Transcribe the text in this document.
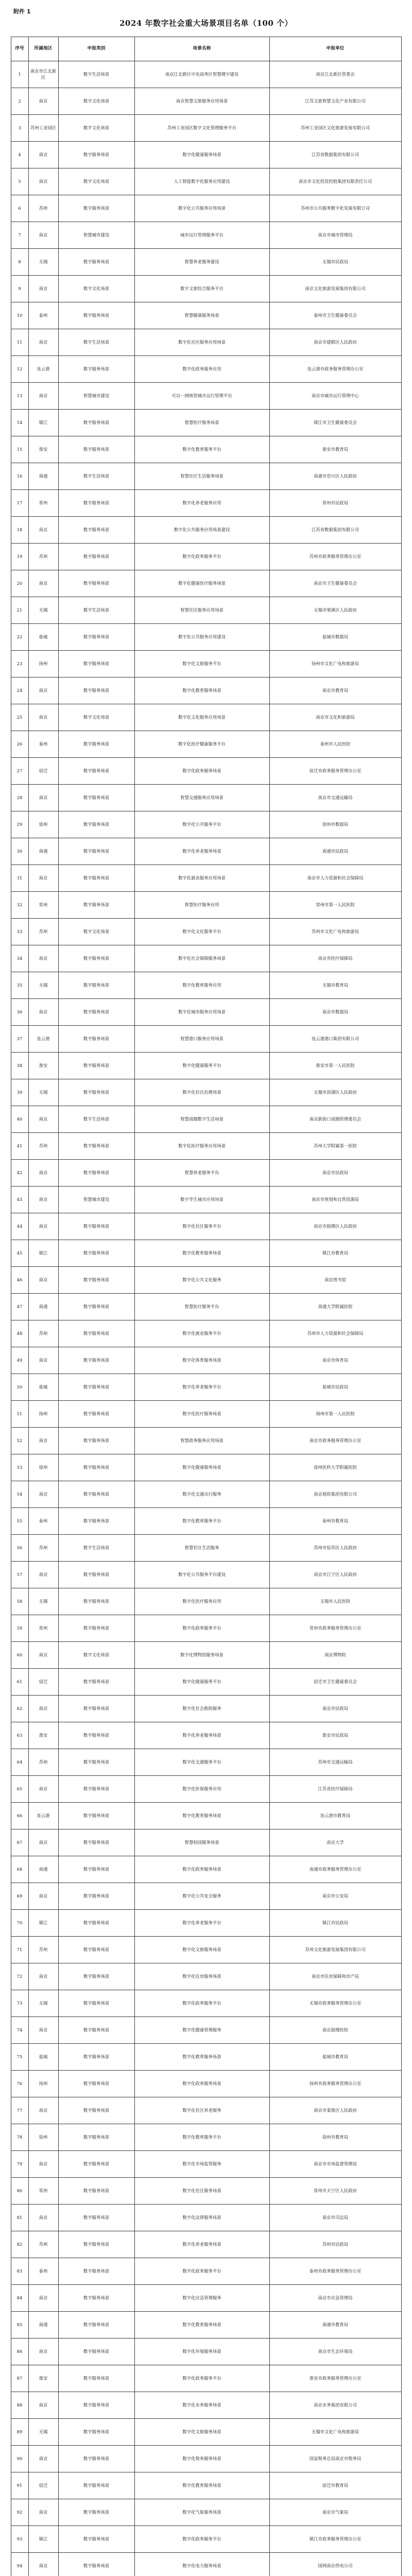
附件 1
2024 年数字社会重大场景项目名单（100 个）
序号	所属地区	申报类别	场景名称	申报单位
1	南京市江北新区	数字生活场景	南京江北新区中央商务区智慧楼宇建设	南京江北新区管委会
2	南京	数字文化场景	南京智慧文旅服务应用场景	江苏文旅智慧文化产业有限公司
3	苏州工业园区	数字文化场景	苏州工业园区数字文化管理服务平台	苏州工业园区文化旅游发展有限公司
4	南京	数字服务场景	数字化健康服务场景	江苏省数据集团有限公司
5	南京	数字文化场景	人工智能数字化服务应用建设	南京市文化投资控股集团有限责任公司
6	苏州	数字服务场景	数字化公共服务应用场景	苏州市公共服务数字化发展有限公司
7	南京	智慧城市建设	城市运行管理服务平台	南京市城市管理局
8	无锡	数字服务场景	智慧养老服务建设	无锡市民政局
9	南京	数字文化场景	数字文旅综合服务平台	南京文化旅游发展集团有限公司
10	泰州	数字服务场景	智慧健康服务场景	泰州市卫生健康委员会
11	南京	数字生活场景	数字化社区服务应用场景	南京市建邺区人民政府
12	连云港	数字服务场景	数字化政务服务应用	连云港市政务服务管理办公室
13	南京	智慧城市建设	可以一网统管城市运行管理平台	南京市城市运行管理中心
14	镇江	数字服务场景	智慧医疗服务场景	镇江市卫生健康委员会
15	淮安	数字服务场景	数字化教育服务平台	淮安市教育局
16	南通	数字生活场景	智慧社区生活服务场景	南通市崇川区人民政府
17	常州	数字服务场景	数字化养老服务应用	常州市民政局
18	南京	数字服务场景	数字化公共服务应用场景建设	江苏省数据集团有限公司
19	苏州	数字服务场景	数字化政务服务平台	苏州市政务服务管理办公室
20	南京	数字服务场景	数字化健康医疗服务场景	南京市卫生健康委员会
21	无锡	数字生活场景	智慧社区服务应用场景	无锡市梁溪区人民政府
22	盐城	数字服务场景	数字化公共服务应用建设	盐城市数据局
23	扬州	数字服务场景	数字化文旅服务平台	扬州市文化广电和旅游局
24	南京	数字服务场景	数字化教育服务场景	南京市教育局
25	南京	数字文化场景	数字化文化服务应用场景	南京市文化和旅游局
26	泰州	数字服务场景	数字化医疗健康服务平台	泰州市人民医院
27	宿迁	数字服务场景	数字化政务服务场景	宿迁市政务服务管理办公室
28	南京	数字服务场景	智慧交通服务应用场景	南京市交通运输局
29	徐州	数字服务场景	数字化公共服务平台	徐州市数据局
30	南通	数字服务场景	数字化养老服务场景	南通市民政局
31	南京	数字服务场景	数字化就业服务应用场景	南京市人力资源和社会保障局
32	常州	数字服务场景	智慧医疗服务应用	常州市第一人民医院
33	苏州	数字文化场景	数字化文化服务平台	苏州市文化广电和旅游局
34	南京	数字服务场景	数字化社会保障服务场景	南京市医疗保障局
35	无锡	数字服务场景	数字化教育服务应用	无锡市教育局
36	南京	数字服务场景	数字化城市服务应用场景	南京市数据局
37	连云港	数字服务场景	智慧港口服务应用场景	连云港港口集团有限公司
38	淮安	数字服务场景	数字化健康服务平台	淮安市第一人民医院
39	无锡	数字服务场景	数字化社区治理场景	无锡市滨湖区人民政府
40	南京	数字生活场景	智慧商圈数字生活场景	南京新街口商圈管理委员会
41	苏州	数字服务场景	数字化医疗服务应用场景	苏州大学附属第一医院
42	南京	数字服务场景	智慧养老服务平台	南京市民政局
43	南京	智慧城市建设	数字孪生城市应用场景	南京市规划和自然资源局
44	南京	数字服务场景	数字化社区服务平台	南京市鼓楼区人民政府
45	镇江	数字服务场景	数字化教育服务场景	镇江市教育局
46	南京	数字服务场景	数字化公共文化服务	南京图书馆
47	南通	数字服务场景	智慧医疗服务平台	南通大学附属医院
48	苏州	数字服务场景	数字化就业服务平台	苏州市人力资源和社会保障局
49	南京	数字服务场景	数字化体育服务场景	南京市体育局
50	盐城	数字服务场景	数字化养老服务平台	盐城市民政局
51	扬州	数字服务场景	数字化医疗服务场景	扬州市第一人民医院
52	南京	数字服务场景	智慧政务服务应用场景	南京市政务服务管理办公室
53	徐州	数字服务场景	数字化健康服务场景	徐州医科大学附属医院
54	南京	数字服务场景	数字化交通出行服务	南京地铁集团有限公司
55	泰州	数字服务场景	数字化教育服务平台	泰州市教育局
56	苏州	数字生活场景	智慧社区生活服务	苏州市姑苏区人民政府
57	南京	数字服务场景	数字化公共服务平台建设	南京市江宁区人民政府
58	无锡	数字服务场景	数字化医疗服务应用	无锡市人民医院
59	常州	数字服务场景	数字化政务服务平台	常州市政务服务管理办公室
60	南京	数字文化场景	数字化博物馆服务场景	南京博物院
61	宿迁	数字服务场景	数字化健康服务平台	宿迁市卫生健康委员会
62	南京	数字服务场景	数字化社会救助服务	南京市民政局
63	淮安	数字服务场景	数字化养老服务场景	淮安市民政局
64	苏州	数字服务场景	数字化交通服务平台	苏州市交通运输局
65	南京	数字服务场景	数字化医保服务应用	江苏省医疗保障局
66	连云港	数字服务场景	数字化教育服务场景	连云港市教育局
67	南京	数字服务场景	智慧校园服务场景	南京大学
68	南通	数字服务场景	数字化政务服务场景	南通市政务服务管理办公室
69	南京	数字服务场景	数字化公共安全服务	南京市公安局
70	镇江	数字服务场景	数字化养老服务平台	镇江市民政局
71	苏州	数字服务场景	数字化文旅服务场景	苏州文化旅游发展集团有限公司
72	南京	数字服务场景	数字化住房服务场景	南京市住房保障和房产局
73	无锡	数字服务场景	数字化政务服务平台	无锡市政务服务管理办公室
74	南京	数字服务场景	数字化健康管理服务	南京鼓楼医院
75	盐城	数字服务场景	数字化教育服务场景	盐城市教育局
76	扬州	数字服务场景	数字化政务服务场景	扬州市政务服务管理办公室
77	南京	数字服务场景	数字化社区养老服务	南京市秦淮区人民政府
78	徐州	数字服务场景	数字化教育服务平台	徐州市教育局
79	南京	数字服务场景	数字化市场监管服务	南京市市场监督管理局
80	常州	数字服务场景	数字化社区服务场景	常州市天宁区人民政府
81	南京	数字服务场景	数字化法律服务场景	南京市司法局
82	苏州	数字服务场景	数字化养老服务场景	苏州市民政局
83	泰州	数字服务场景	数字化政务服务平台	泰州市政务服务管理办公室
84	南京	数字服务场景	数字化应急管理服务	南京市应急管理局
85	南通	数字服务场景	数字化教育服务场景	南通市教育局
86	南京	数字服务场景	数字化环境服务场景	南京市生态环境局
87	淮安	数字服务场景	数字化政务服务平台	淮安市政务服务管理办公室
88	南京	数字服务场景	数字化水务服务场景	南京水务集团有限公司
89	无锡	数字服务场景	数字化文旅服务场景	无锡市文化广电和旅游局
90	南京	数字服务场景	数字化税务服务场景	国家税务总局南京市税务局
91	宿迁	数字服务场景	数字化教育服务场景	宿迁市教育局
92	南京	数字服务场景	数字化气象服务场景	南京市气象局
93	镇江	数字服务场景	数字化政务服务平台	镇江市政务服务管理办公室
94	南京	数字服务场景	数字化电力服务场景	国网南京供电公司
